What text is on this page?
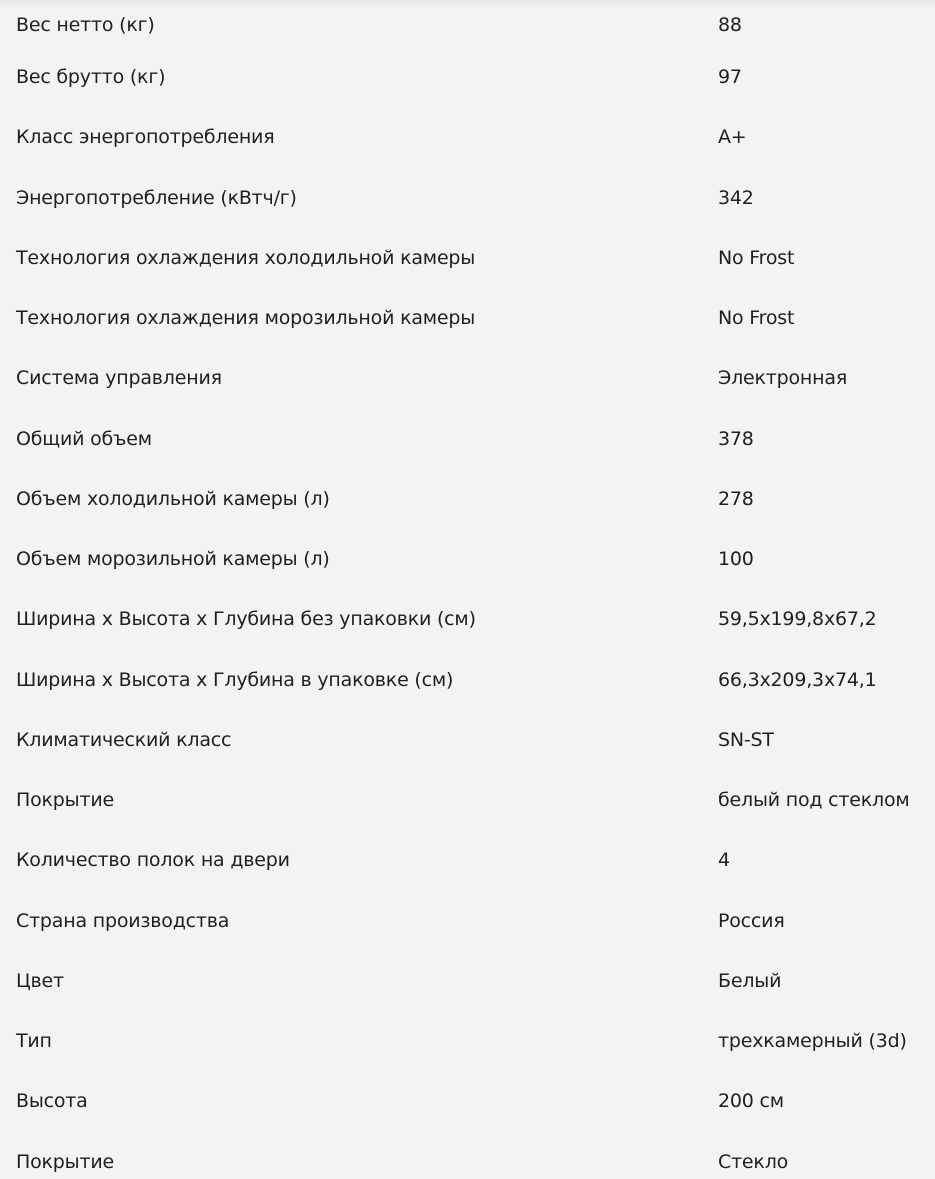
Вес нетто (кг)	88
Вес брутто (кг)	97
Класс энергопотребления	A+
Энергопотребление (кВтч/г)	342
Технология охлаждения холодильной камеры	No Frost
Технология охлаждения морозильной камеры	No Frost
Система управления	Электронная
Общий объем	378
Объем холодильной камеры (л)	278
Объем морозильной камеры (л)	100
Ширина х Высота х Глубина без упаковки (см)	59,5x199,8x67,2
Ширина х Высота х Глубина в упаковке (см)	66,3x209,3x74,1
Климатический класс	SN-ST
Покрытие	белый под стеклом
Количество полок на двери	4
Страна производства	Россия
Цвет	Белый
Тип	трехкамерный (3d)
Высота	200 см
Покрытие	Стекло
